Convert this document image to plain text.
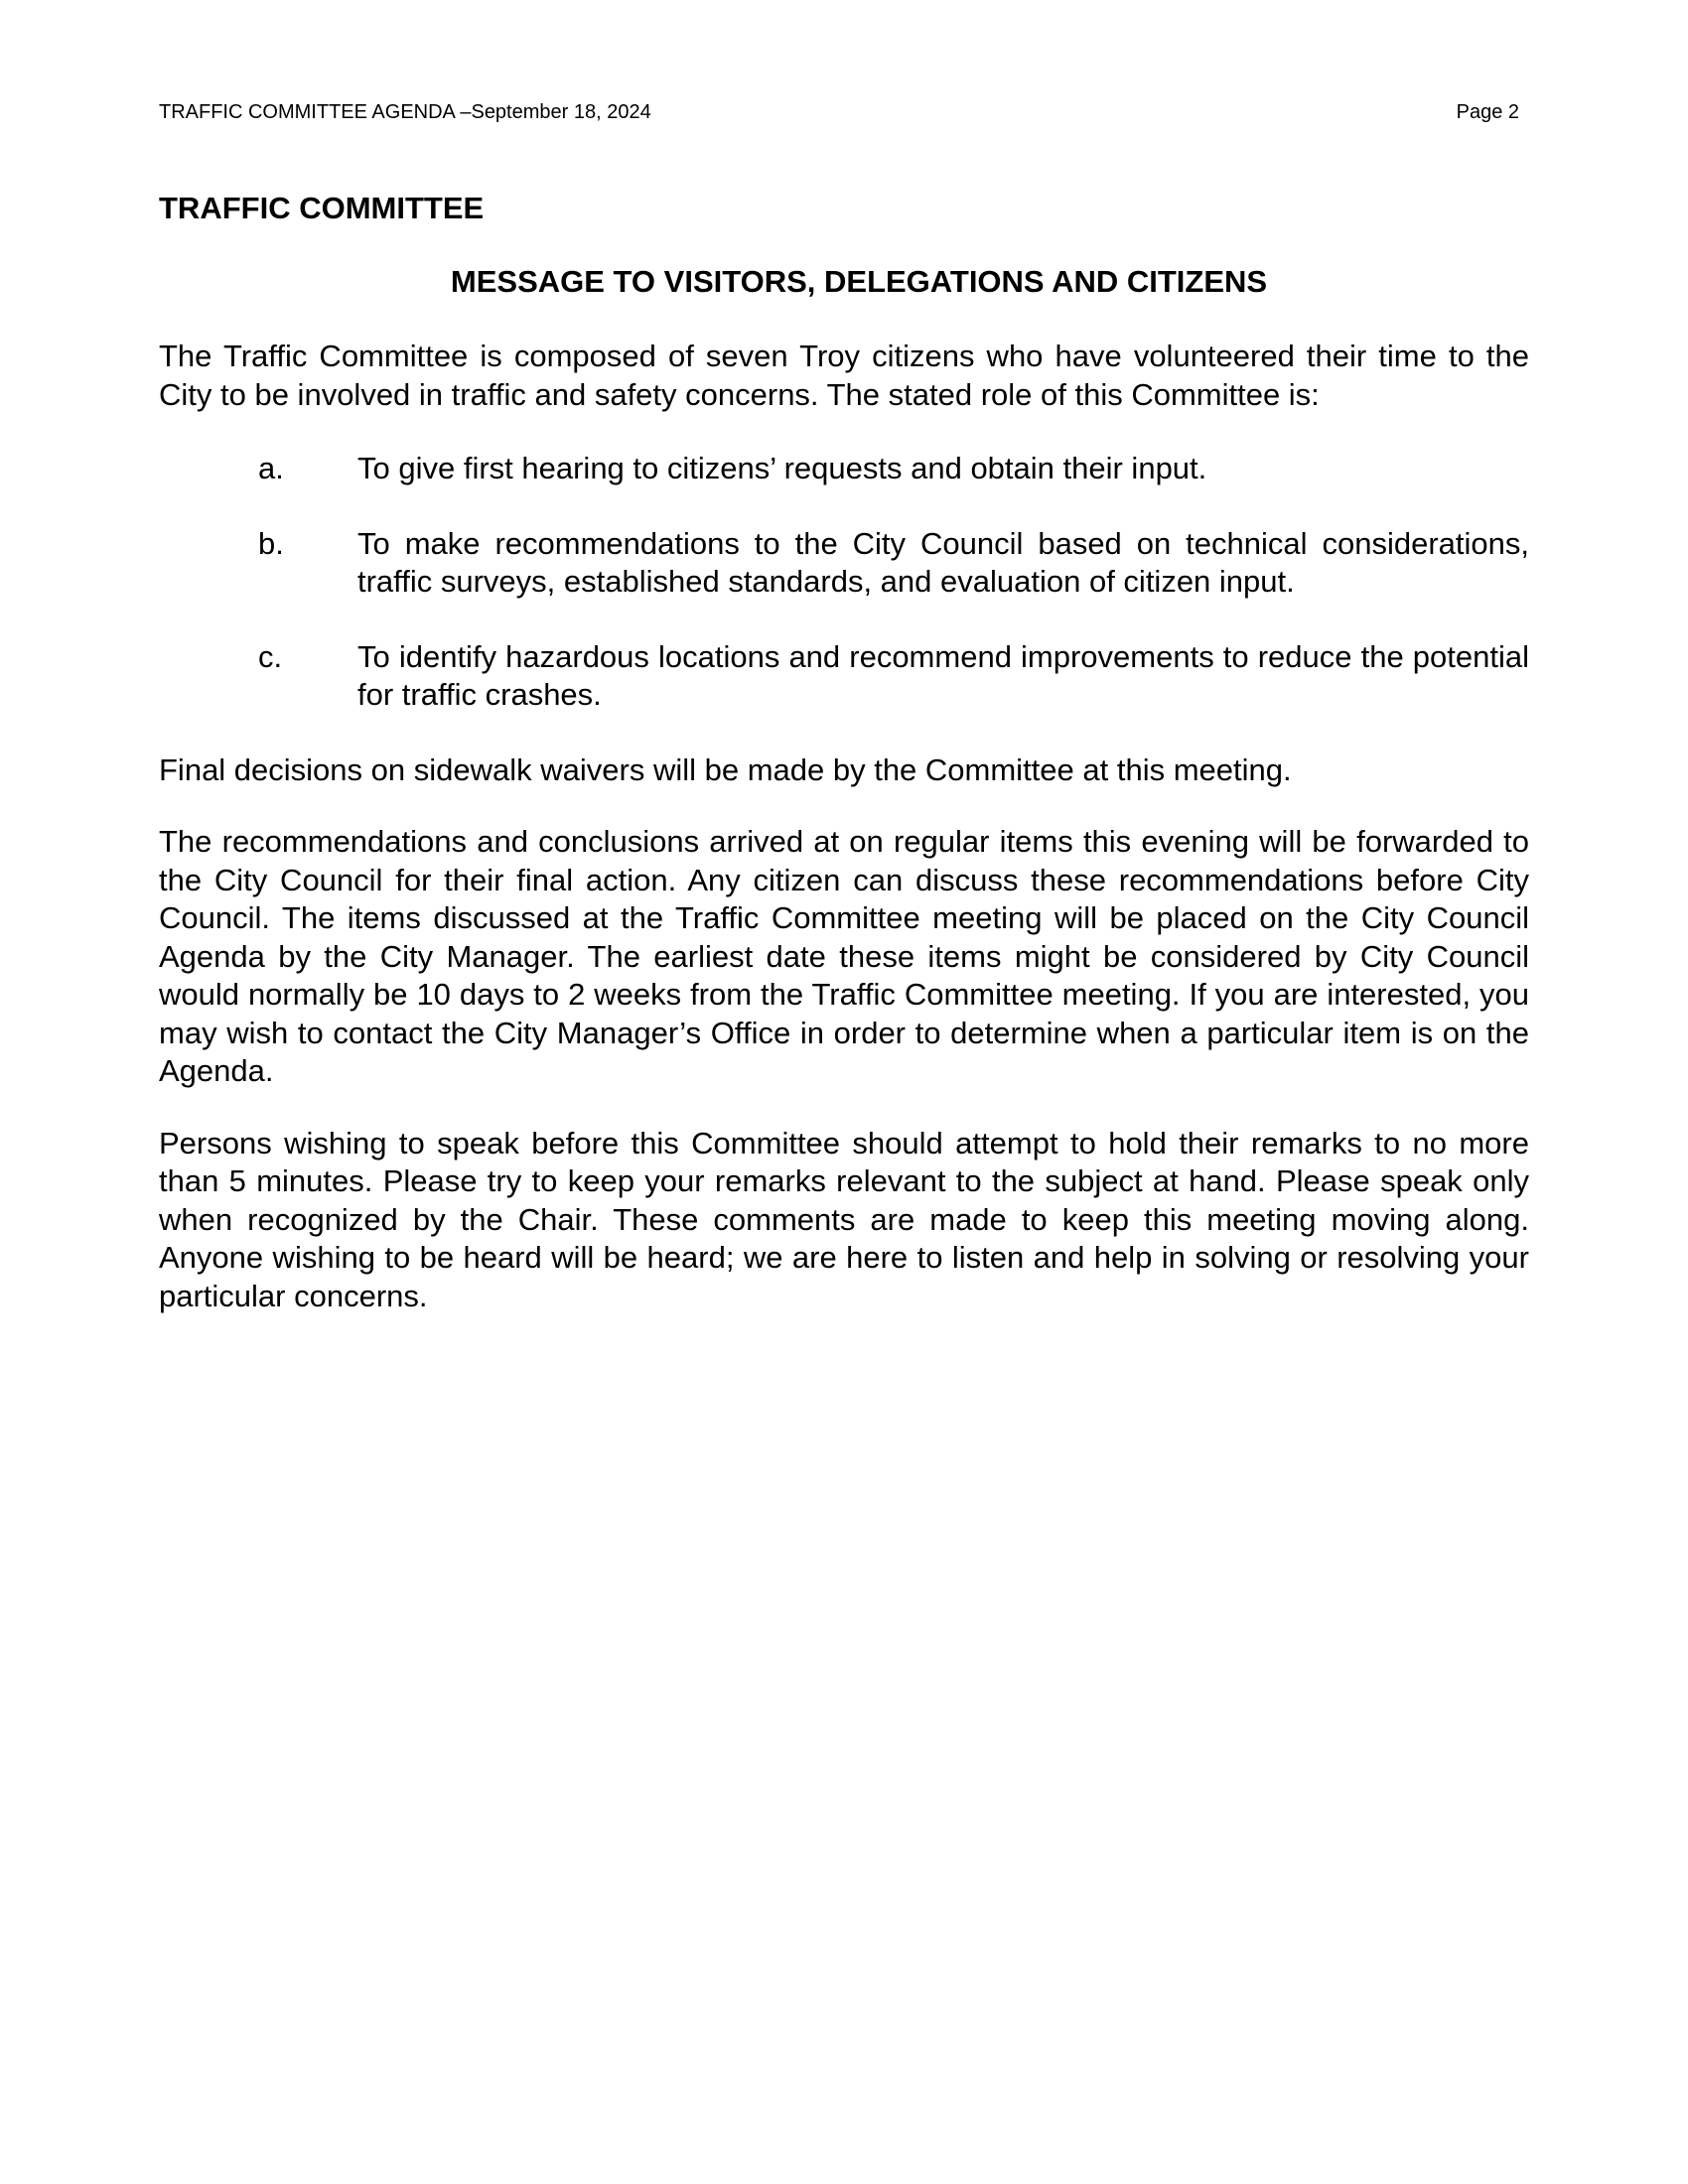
TRAFFIC COMMITTEE AGENDA –September 18, 2024	Page 2
TRAFFIC COMMITTEE
MESSAGE TO VISITORS, DELEGATIONS AND CITIZENS

The Traffic Committee is composed of seven Troy citizens who have volunteered their time to the City to be involved in traffic and safety concerns. The stated role of this Committee is:

a.	To give first hearing to citizens’ requests and obtain their input.
b.	To make recommendations to the City Council based on technical considerations, traffic surveys, established standards, and evaluation of citizen input.
c.	To identify hazardous locations and recommend improvements to reduce the potential for traffic crashes.

Final decisions on sidewalk waivers will be made by the Committee at this meeting.

The recommendations and conclusions arrived at on regular items this evening will be forwarded to the City Council for their final action. Any citizen can discuss these recommendations before City Council. The items discussed at the Traffic Committee meeting will be placed on the City Council Agenda by the City Manager. The earliest date these items might be considered by City Council would normally be 10 days to 2 weeks from the Traffic Committee meeting. If you are interested, you may wish to contact the City Manager’s Office in order to determine when a particular item is on the Agenda.

Persons wishing to speak before this Committee should attempt to hold their remarks to no more than 5 minutes. Please try to keep your remarks relevant to the subject at hand. Please speak only when recognized by the Chair. These comments are made to keep this meeting moving along. Anyone wishing to be heard will be heard; we are here to listen and help in solving or resolving your particular concerns.
